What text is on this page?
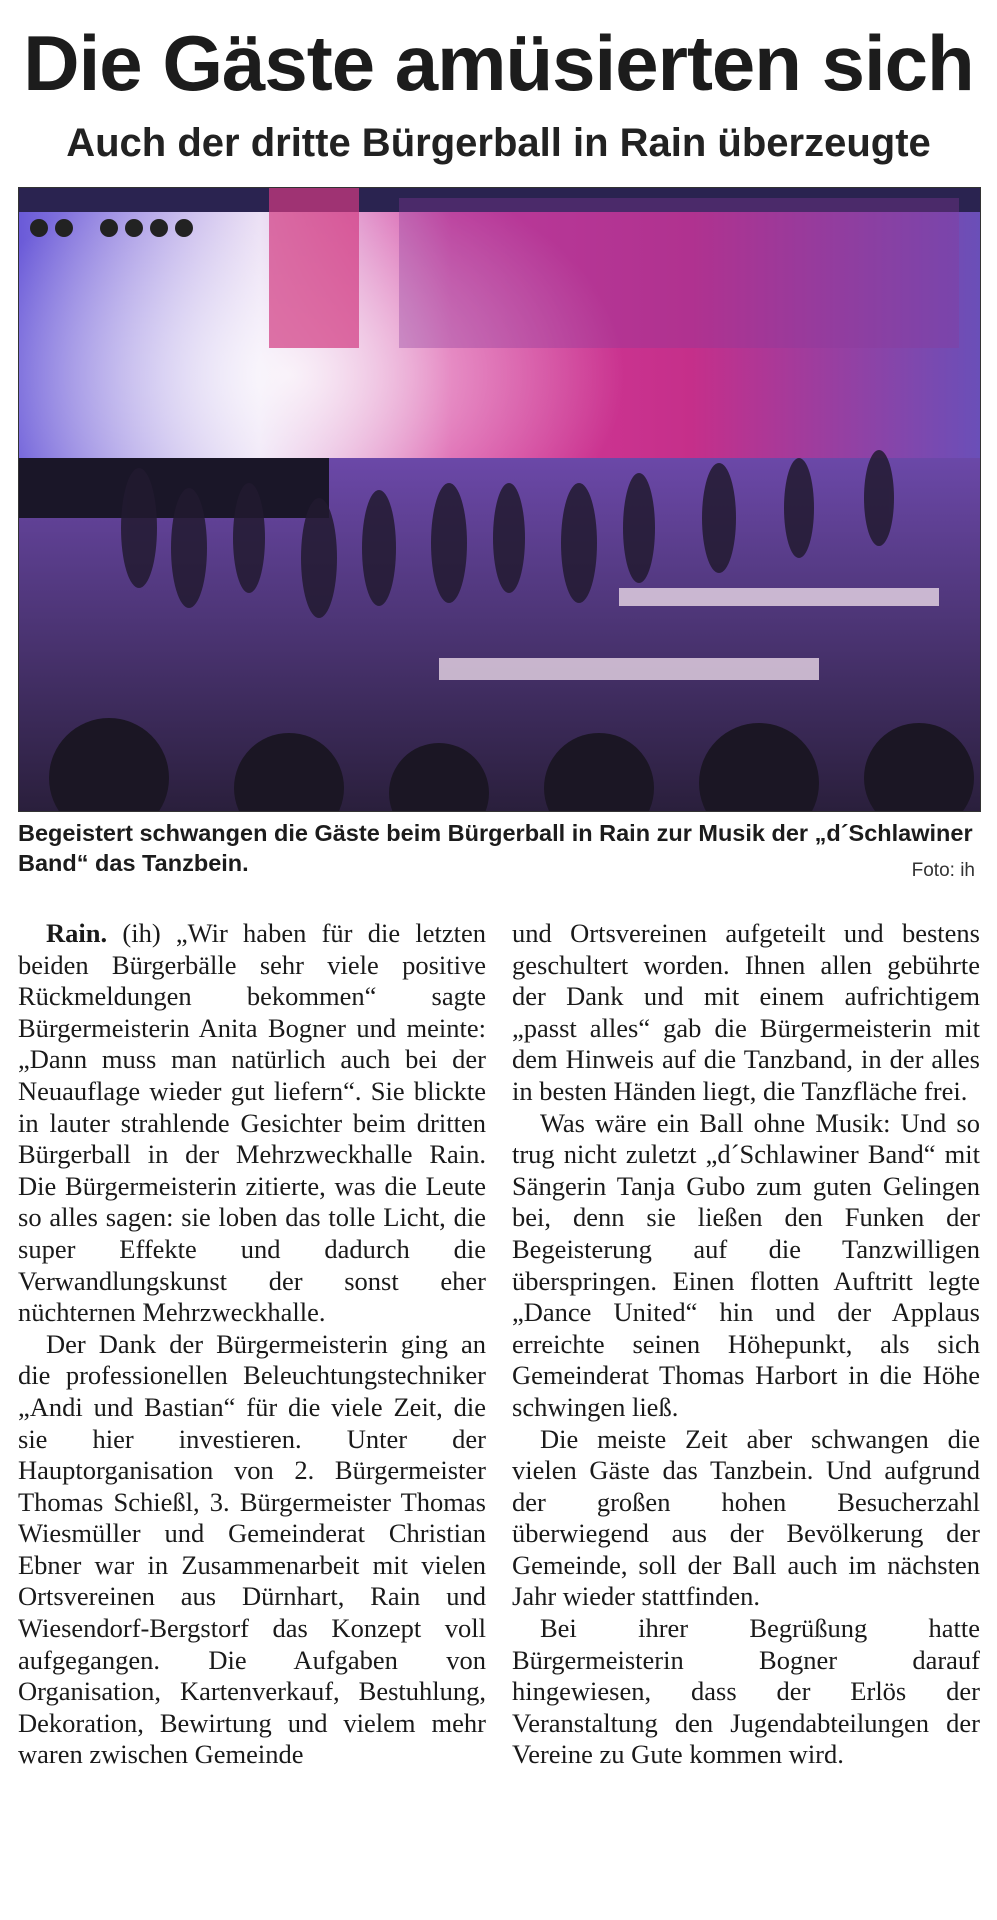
Die Gäste amüsierten sich
Auch der dritte Bürgerball in Rain überzeugte
Begeistert schwangen die Gäste beim Bürgerball in Rain zur Musik der „d´Schlawiner Band“ das Tanzbein.	Foto: ih

Rain. (ih) „Wir haben für die letzten beiden Bürgerbälle sehr viele positive Rückmeldungen bekommen“ sagte Bürgermeisterin Anita Bogner und meinte: „Dann muss man natürlich auch bei der Neuauflage wieder gut liefern“. Sie blickte in lauter strahlende Gesichter beim dritten Bürgerball in der Mehrzweckhalle Rain. Die Bürgermeisterin zitierte, was die Leute so alles sagen: sie loben das tolle Licht, die super Effekte und dadurch die Verwandlungskunst der sonst eher nüchternen Mehrzweckhalle.

Der Dank der Bürgermeisterin ging an die professionellen Beleuchtungstechniker „Andi und Bastian“ für die viele Zeit, die sie hier investieren. Unter der Hauptorganisation von 2. Bürgermeister Thomas Schießl, 3. Bürgermeister Thomas Wiesmüller und Gemeinderat Christian Ebner war in Zusammenarbeit mit vielen Ortsvereinen aus Dürnhart, Rain und Wiesendorf-Bergstorf das Konzept voll aufgegangen. Die Aufgaben von Organisation, Kartenverkauf, Bestuhlung, Dekoration, Bewirtung und vielem mehr waren zwischen Gemeinde

und Ortsvereinen aufgeteilt und bestens geschultert worden. Ihnen allen gebührte der Dank und mit einem aufrichtigem „passt alles“ gab die Bürgermeisterin mit dem Hinweis auf die Tanzband, in der alles in besten Händen liegt, die Tanzfläche frei.

Was wäre ein Ball ohne Musik: Und so trug nicht zuletzt „d´Schlawiner Band“ mit Sängerin Tanja Gubo zum guten Gelingen bei, denn sie ließen den Funken der Begeisterung auf die Tanzwilligen überspringen. Einen flotten Auftritt legte „Dance United“ hin und der Applaus erreichte seinen Höhepunkt, als sich Gemeinderat Thomas Harbort in die Höhe schwingen ließ.

Die meiste Zeit aber schwangen die vielen Gäste das Tanzbein. Und aufgrund der großen hohen Besucherzahl überwiegend aus der Bevölkerung der Gemeinde, soll der Ball auch im nächsten Jahr wieder stattfinden.

Bei ihrer Begrüßung hatte Bürgermeisterin Bogner darauf hingewiesen, dass der Erlös der Veranstaltung den Jugendabteilungen der Vereine zu Gute kommen wird.
